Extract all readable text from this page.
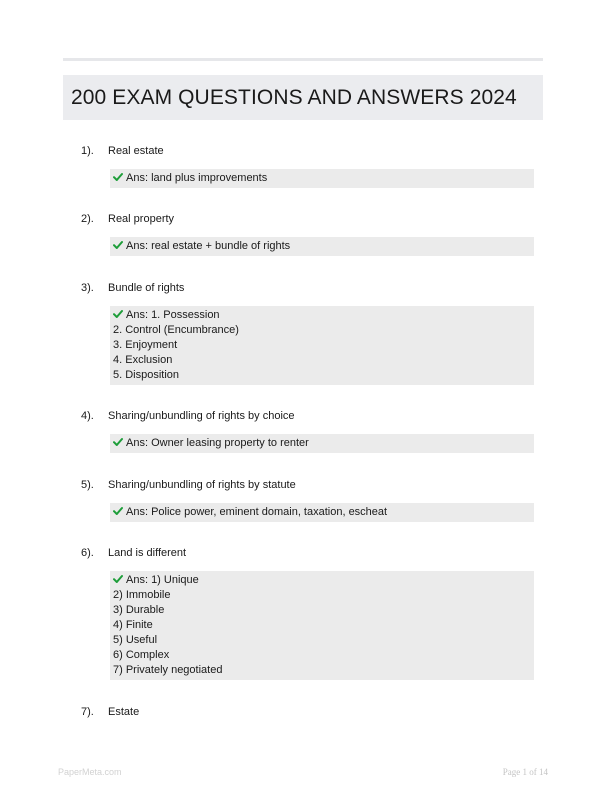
200 EXAM QUESTIONS AND ANSWERS 2024
1). Real estate
Ans: land plus improvements
2). Real property
Ans: real estate + bundle of rights
3). Bundle of rights
Ans: 1. Possession
2. Control (Encumbrance)
3. Enjoyment
4. Exclusion
5. Disposition
4). Sharing/unbundling of rights by choice
Ans: Owner leasing property to renter
5). Sharing/unbundling of rights by statute
Ans: Police power, eminent domain, taxation, escheat
6). Land is different
Ans: 1) Unique
2) Immobile
3) Durable
4) Finite
5) Useful
6) Complex
7) Privately negotiated
7). Estate
PaperMeta.com	Page 1 of 14
